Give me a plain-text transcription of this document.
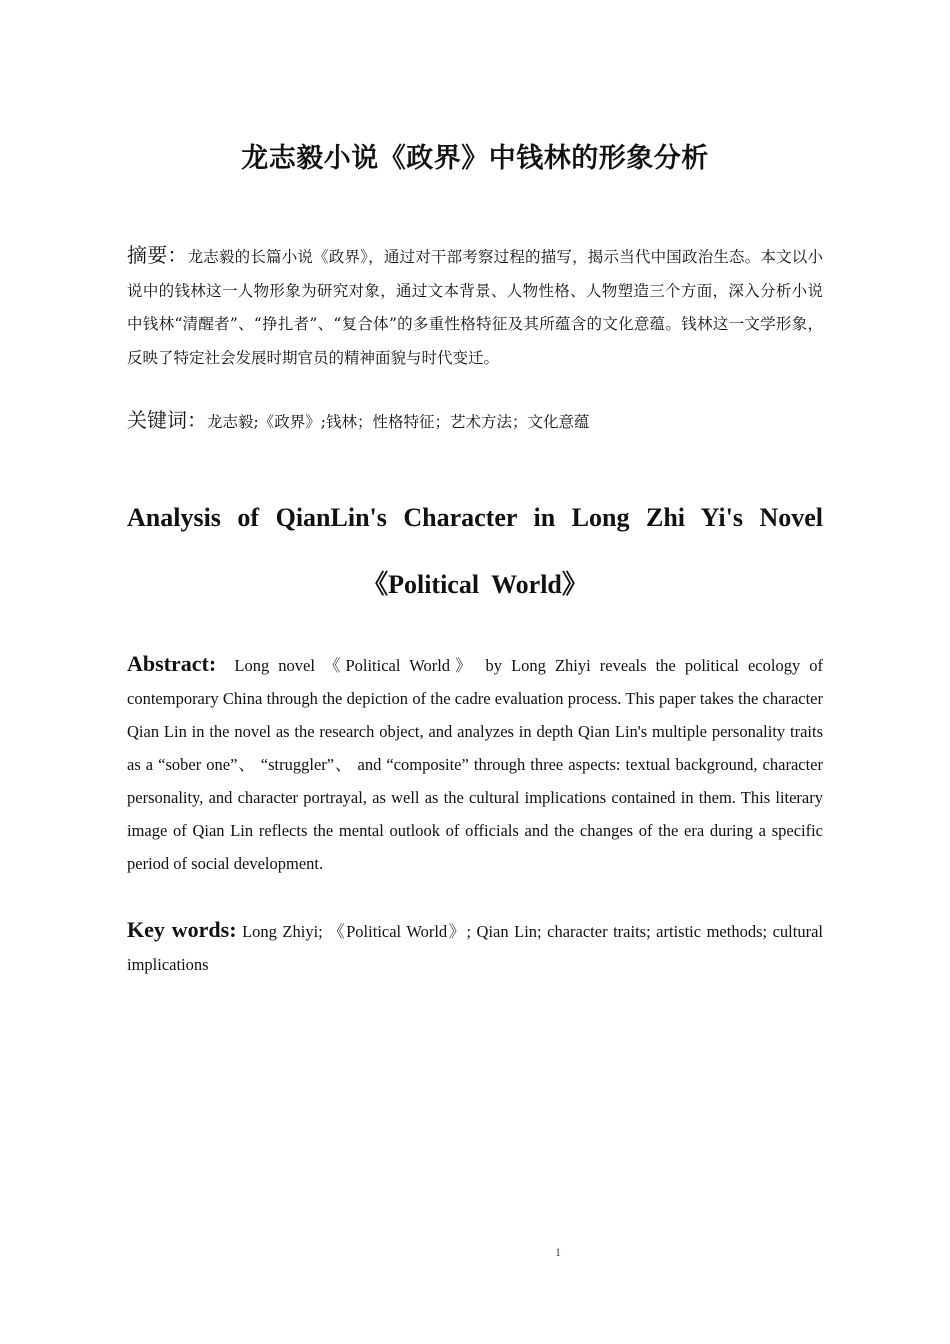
龙志毅小说《政界》中钱林的形象分析
摘要：龙志毅的长篇小说《政界》，通过对干部考察过程的描写，揭示当代中国政治生态。本文以小说中的钱林这一人物形象为研究对象，通过文本背景、人物性格、人物塑造三个方面，深入分析小说中钱林“清醒者”、“挣扎者”、“复合体”的多重性格特征及其所蕴含的文化意蕴。钱林这一文学形象，反映了特定社会发展时期官员的精神面貌与时代变迁。
关键词：龙志毅;《政界》;钱林；性格特征；艺术方法；文化意蕴
Analysis of QianLin's Character in Long Zhi Yi's Novel
《Political World》
Abstract: Long novel 《Political World》 by Long Zhiyi reveals the political ecology of contemporary China through the depiction of the cadre evaluation process. This paper takes the character Qian Lin in the novel as the research object, and analyzes in depth Qian Lin's multiple personality traits as a “sober one”、 “struggler”、 and “composite” through three aspects: textual background, character personality, and character portrayal, as well as the cultural implications contained in them. This literary image of Qian Lin reflects the mental outlook of officials and the changes of the era during a specific period of social development.
Key words: Long Zhiyi; 《Political World》; Qian Lin; character traits; artistic methods; cultural implications
1
